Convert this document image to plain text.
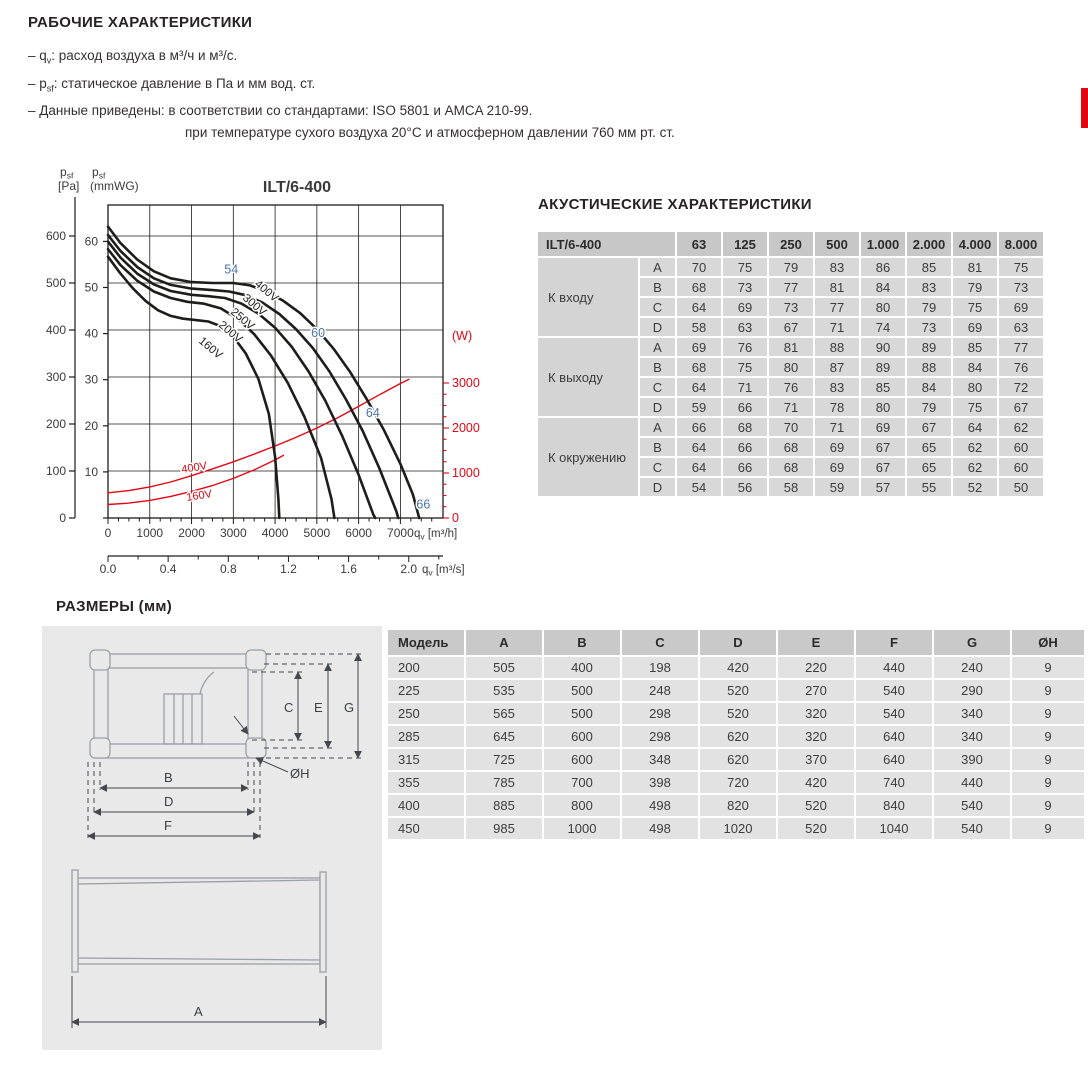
РАБОЧИЕ ХАРАКТЕРИСТИКИ

– $q_v$: расход воздуха в м³/ч и м³/с.

– $p_{sf}$: статическое давление в Па и мм вод. ст.

– Данные приведены: в соответствии со стандартами: ISO 5801 и AMCA 210-99.

при температуре сухого воздуха 20°C и атмосферном давлении 760 мм рт. ст.

ILT/6-400
0
100
200
300
400
500
600
10
20
30
40
50
60
$p_{sf}$
[Pa]
$p_{sf}$
(mmWG)
0 1000 2000 3000 4000 5000 6000 7000 $q_v$ [m³/h]
0
1000
2000
3000
(W)
0.0	0.4	0.8	1.2	1.6	2.0 $q_v$ [m³/s]
400V
300V
250V
200V
160V
400V
160V
54
60
64
66
АКУСТИЧЕСКИЕ ХАРАКТЕРИСТИКИ
ILT/6-400		63	125	250	500	1.000	2.000	4.000	8.000
К входу	A	70	75	79	83	86	85	81	75
	B	68	73	77	81	84	83	79	73
	C	64	69	73	77	80	79	75	69
	D	58	63	67	71	74	73	69	63
К выходу	A	69	76	81	88	90	89	85	77
	B	68	75	80	87	89	88	84	76
	C	64	71	76	83	85	84	80	72
	D	59	66	71	78	80	79	75	67
К окружению	A	66	68	70	71	69	67	64	62
	B	64	66	68	69	67	65	62	60
	C	64	66	68	69	67	65	62	60
	D	54	56	58	59	57	55	52	50
РАЗМЕРЫ (мм)
C E G
B
D
F
ØH
A
Модель	A	B	C	D	E	F	G	ØH
200	505	400	198	420	220	440	240	9
225	535	500	248	520	270	540	290	9
250	565	500	298	520	320	540	340	9
285	645	600	298	620	320	640	340	9
315	725	600	348	620	370	640	390	9
355	785	700	398	720	420	740	440	9
400	885	800	498	820	520	840	540	9
450	985	1000	498	1020	520	1040	540	9
